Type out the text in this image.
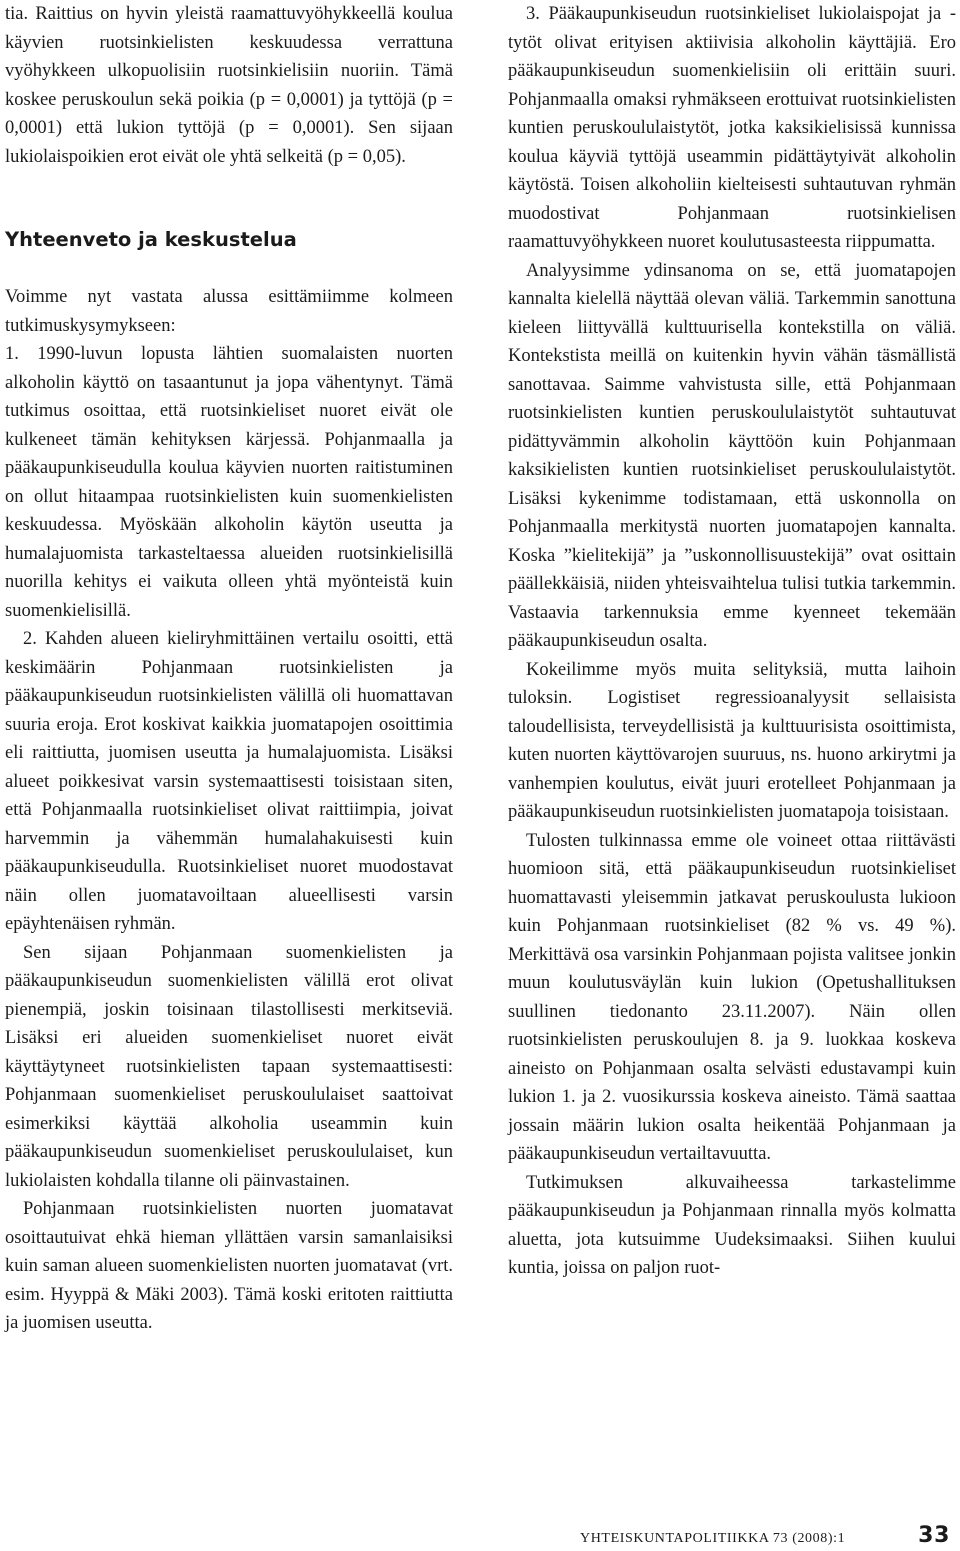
tia. Raittius on hyvin yleistä raamattuvyöhykkeellä koulua käyvien ruotsinkielisten keskuudessa verrattuna vyöhykkeen ulkopuolisiin ruotsinkielisiin nuoriin. Tämä koskee peruskoulun sekä poikia (p = 0,0001) ja tyttöjä (p = 0,0001) että lukion tyttöjä (p = 0,0001). Sen sijaan lukiolaispoikien erot eivät ole yhtä selkeitä (p = 0,05).

Yhteenveto ja keskustelua

Voimme nyt vastata alussa esittämiimme kolmeen tutkimuskysymykseen:

1. 1990-luvun lopusta lähtien suomalaisten nuorten alkoholin käyttö on tasaantunut ja jopa vähentynyt. Tämä tutkimus osoittaa, että ruotsinkieliset nuoret eivät ole kulkeneet tämän kehityksen kärjessä. Pohjanmaalla ja pääkaupunkiseudulla koulua käyvien nuorten raitistuminen on ollut hitaampaa ruotsinkielisten kuin suomenkielisten keskuudessa. Myöskään alkoholin käytön useutta ja humalajuomista tarkasteltaessa alueiden ruotsinkielisillä nuorilla kehitys ei vaikuta olleen yhtä myönteistä kuin suomenkielisillä.

2. Kahden alueen kieliryhmittäinen vertailu osoitti, että keskimäärin Pohjanmaan ruotsinkielisten ja pääkaupunkiseudun ruotsinkielisten välillä oli huomattavan suuria eroja. Erot koskivat kaikkia juomatapojen osoittimia eli raittiutta, juomisen useutta ja humalajuomista. Lisäksi alueet poikkesivat varsin systemaattisesti toisistaan siten, että Pohjanmaalla ruotsinkieliset olivat raittiimpia, joivat harvemmin ja vähemmän humalahakuisesti kuin pääkaupunkiseudulla. Ruotsinkieliset nuoret muodostavat näin ollen juomatavoiltaan alueellisesti varsin epäyhtenäisen ryhmän.

Sen sijaan Pohjanmaan suomenkielisten ja pääkaupunkiseudun suomenkielisten välillä erot olivat pienempiä, joskin toisinaan tilastollisesti merkitseviä. Lisäksi eri alueiden suomenkieliset nuoret eivät käyttäytyneet ruotsinkielisten tapaan systemaattisesti: Pohjanmaan suomenkieliset peruskoululaiset saattoivat esimerkiksi käyttää alkoholia useammin kuin pääkaupunkiseudun suomenkieliset peruskoululaiset, kun lukiolaisten kohdalla tilanne oli päinvastainen.

Pohjanmaan ruotsinkielisten nuorten juomatavat osoittautuivat ehkä hieman yllättäen varsin samanlaisiksi kuin saman alueen suomenkielisten nuorten juomatavat (vrt. esim. Hyyppä & Mäki 2003). Tämä koski eritoten raittiutta ja juomisen useutta.

3. Pääkaupunkiseudun ruotsinkieliset lukiolaispojat ja -tytöt olivat erityisen aktiivisia alkoholin käyttäjiä. Ero pääkaupunkiseudun suomenkielisiin oli erittäin suuri. Pohjanmaalla omaksi ryhmäkseen erottuivat ruotsinkielisten kuntien peruskoululaistytöt, jotka kaksikielisissä kunnissa koulua käyviä tyttöjä useammin pidättäytyivät alkoholin käytöstä. Toisen alkoholiin kielteisesti suhtautuvan ryhmän muodostivat Pohjanmaan ruotsinkielisen raamattuvyöhykkeen nuoret koulutusasteesta riippumatta.

Analyysimme ydinsanoma on se, että juomatapojen kannalta kielellä näyttää olevan väliä. Tarkemmin sanottuna kieleen liittyvällä kulttuurisella kontekstilla on väliä. Kontekstista meillä on kuitenkin hyvin vähän täsmällistä sanottavaa. Saimme vahvistusta sille, että Pohjanmaan ruotsinkielisten kuntien peruskoululaistytöt suhtautuvat pidättyvämmin alkoholin käyttöön kuin Pohjanmaan kaksikielisten kuntien ruotsinkieliset peruskoululaistytöt. Lisäksi kykenimme todistamaan, että uskonnolla on Pohjanmaalla merkitystä nuorten juomatapojen kannalta. Koska ”kielitekijä” ja ”uskonnollisuustekijä” ovat osittain päällekkäisiä, niiden yhteisvaihtelua tulisi tutkia tarkemmin. Vastaavia tarkennuksia emme kyenneet tekemään pääkaupunkiseudun osalta.

Kokeilimme myös muita selityksiä, mutta laihoin tuloksin. Logistiset regressioanalyysit sellaisista taloudellisista, terveydellisistä ja kulttuurisista osoittimista, kuten nuorten käyttövarojen suuruus, ns. huono arkirytmi ja vanhempien koulutus, eivät juuri erotelleet Pohjanmaan ja pääkaupunkiseudun ruotsinkielisten juomatapoja toisistaan.

Tulosten tulkinnassa emme ole voineet ottaa riittävästi huomioon sitä, että pääkaupunkiseudun ruotsinkieliset huomattavasti yleisemmin jatkavat peruskoulusta lukioon kuin Pohjanmaan ruotsinkieliset (82 % vs. 49 %). Merkittävä osa varsinkin Pohjanmaan pojista valitsee jonkin muun koulutusväylän kuin lukion (Opetushallituksen suullinen tiedonanto 23.11.2007). Näin ollen ruotsinkielisten peruskoulujen 8. ja 9. luokkaa koskeva aineisto on Pohjanmaan osalta selvästi edustavampi kuin lukion 1. ja 2. vuosikurssia koskeva aineisto. Tämä saattaa jossain määrin lukion osalta heikentää Pohjanmaan ja pääkaupunkiseudun vertailtavuutta.

Tutkimuksen alkuvaiheessa tarkastelimme pääkaupunkiseudun ja Pohjanmaan rinnalla myös kolmatta aluetta, jota kutsuimme Uudeksimaaksi. Siihen kuului kuntia, joissa on paljon ruot-

YHTEISKUNTAPOLITIIKKA 73 (2008):1	33
